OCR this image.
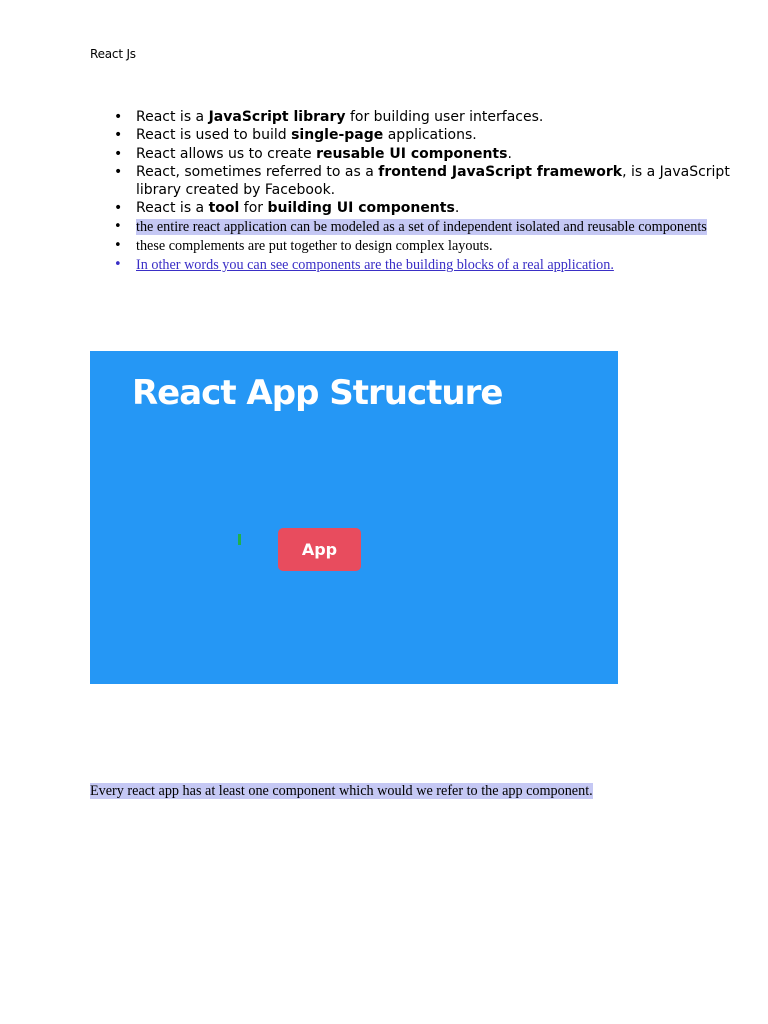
React Js
• React is a JavaScript library for building user interfaces.
• React is used to build single-page applications.
• React allows us to create reusable UI components.
• React, sometimes referred to as a frontend JavaScript framework, is a JavaScript library created by Facebook.
• React is a tool for building UI components.
• the entire react application can be modeled as a set of independent isolated and reusable components
• these complements are put together to design complex layouts.
• In other words you can see components are the building blocks of a real application.
React App Structure
App
Every react app has at least one component which would we refer to the app component.
